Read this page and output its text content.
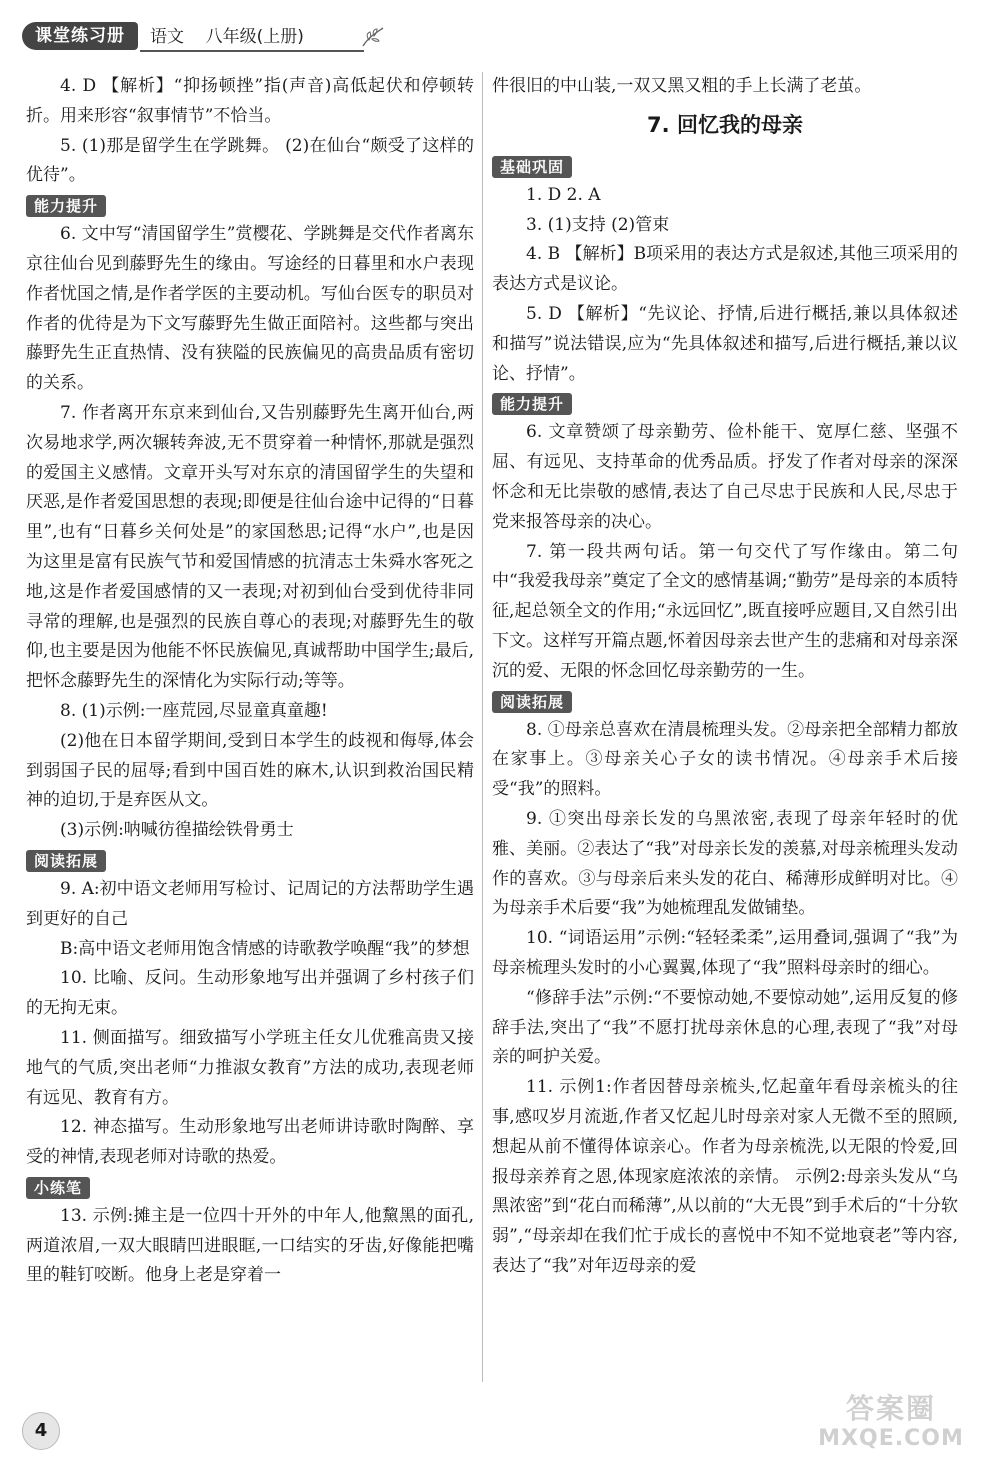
课堂练习册	语文 八年级(上册)

4. D 【解析】“抑扬顿挫”指(声音)高低起伏和停顿转折。用来形容“叙事情节”不恰当。

5. (1)那是留学生在学跳舞。 (2)在仙台“颇受了这样的优待”。

能力提升

6. 文中写“清国留学生”赏樱花、学跳舞是交代作者离东京往仙台见到藤野先生的缘由。写途经的日暮里和水户表现作者忧国之情,是作者学医的主要动机。写仙台医专的职员对作者的优待是为下文写藤野先生做正面陪衬。这些都与突出藤野先生正直热情、没有狭隘的民族偏见的高贵品质有密切的关系。

7. 作者离开东京来到仙台,又告别藤野先生离开仙台,两次易地求学,两次辗转奔波,无不贯穿着一种情怀,那就是强烈的爱国主义感情。文章开头写对东京的清国留学生的失望和厌恶,是作者爱国思想的表现;即便是往仙台途中记得的“日暮里”,也有“日暮乡关何处是”的家国愁思;记得“水户”,也是因为这里是富有民族气节和爱国情感的抗清志士朱舜水客死之地,这是作者爱国感情的又一表现;对初到仙台受到优待非同寻常的理解,也是强烈的民族自尊心的表现;对藤野先生的敬仰,也主要是因为他能不怀民族偏见,真诚帮助中国学生;最后,把怀念藤野先生的深情化为实际行动;等等。

8. (1)示例:一座荒园,尽显童真童趣!

(2)他在日本留学期间,受到日本学生的歧视和侮辱,体会到弱国子民的屈辱;看到中国百姓的麻木,认识到救治国民精神的迫切,于是弃医从文。

(3)示例:呐喊彷徨描绘铁骨勇士

阅读拓展

9. A:初中语文老师用写检讨、记周记的方法帮助学生遇到更好的自己

B:高中语文老师用饱含情感的诗歌教学唤醒“我”的梦想

10. 比喻、反问。生动形象地写出并强调了乡村孩子们的无拘无束。

11. 侧面描写。细致描写小学班主任女儿优雅高贵又接地气的气质,突出老师“力推淑女教育”方法的成功,表现老师有远见、教育有方。

12. 神态描写。生动形象地写出老师讲诗歌时陶醉、享受的神情,表现老师对诗歌的热爱。

小练笔

13. 示例:摊主是一位四十开外的中年人,他黧黑的面孔,两道浓眉,一双大眼睛凹进眼眶,一口结实的牙齿,好像能把嘴里的鞋钉咬断。他身上老是穿着一

件很旧的中山装,一双又黑又粗的手上长满了老茧。

7. 回忆我的母亲
基础巩固

1. D 2. A

3. (1)支持 (2)管束

4. B 【解析】B项采用的表达方式是叙述,其他三项采用的表达方式是议论。

5. D 【解析】“先议论、抒情,后进行概括,兼以具体叙述和描写”说法错误,应为“先具体叙述和描写,后进行概括,兼以议论、抒情”。

能力提升

6. 文章赞颂了母亲勤劳、俭朴能干、宽厚仁慈、坚强不屈、有远见、支持革命的优秀品质。抒发了作者对母亲的深深怀念和无比崇敬的感情,表达了自己尽忠于民族和人民,尽忠于党来报答母亲的决心。

7. 第一段共两句话。第一句交代了写作缘由。第二句中“我爱我母亲”奠定了全文的感情基调;“勤劳”是母亲的本质特征,起总领全文的作用;“永远回忆”,既直接呼应题目,又自然引出下文。这样写开篇点题,怀着因母亲去世产生的悲痛和对母亲深沉的爱、无限的怀念回忆母亲勤劳的一生。

阅读拓展

8. ①母亲总喜欢在清晨梳理头发。②母亲把全部精力都放在家事上。③母亲关心子女的读书情况。④母亲手术后接受“我”的照料。

9. ①突出母亲长发的乌黑浓密,表现了母亲年轻时的优雅、美丽。②表达了“我”对母亲长发的羡慕,对母亲梳理头发动作的喜欢。③与母亲后来头发的花白、稀薄形成鲜明对比。④为母亲手术后要“我”为她梳理乱发做铺垫。

10. “词语运用”示例:“轻轻柔柔”,运用叠词,强调了“我”为母亲梳理头发时的小心翼翼,体现了“我”照料母亲时的细心。

“修辞手法”示例:“不要惊动她,不要惊动她”,运用反复的修辞手法,突出了“我”不愿打扰母亲休息的心理,表现了“我”对母亲的呵护关爱。

11. 示例1:作者因替母亲梳头,忆起童年看母亲梳头的往事,感叹岁月流逝,作者又忆起儿时母亲对家人无微不至的照顾,想起从前不懂得体谅亲心。作者为母亲梳洗,以无限的怜爱,回报母亲养育之恩,体现家庭浓浓的亲情。 示例2:母亲头发从“乌黑浓密”到“花白而稀薄”,从以前的“大无畏”到手术后的“十分软弱”,“母亲却在我们忙于成长的喜悦中不知不觉地衰老”等内容,表达了“我”对年迈母亲的爱

4
答案圈
MXQE.COM
